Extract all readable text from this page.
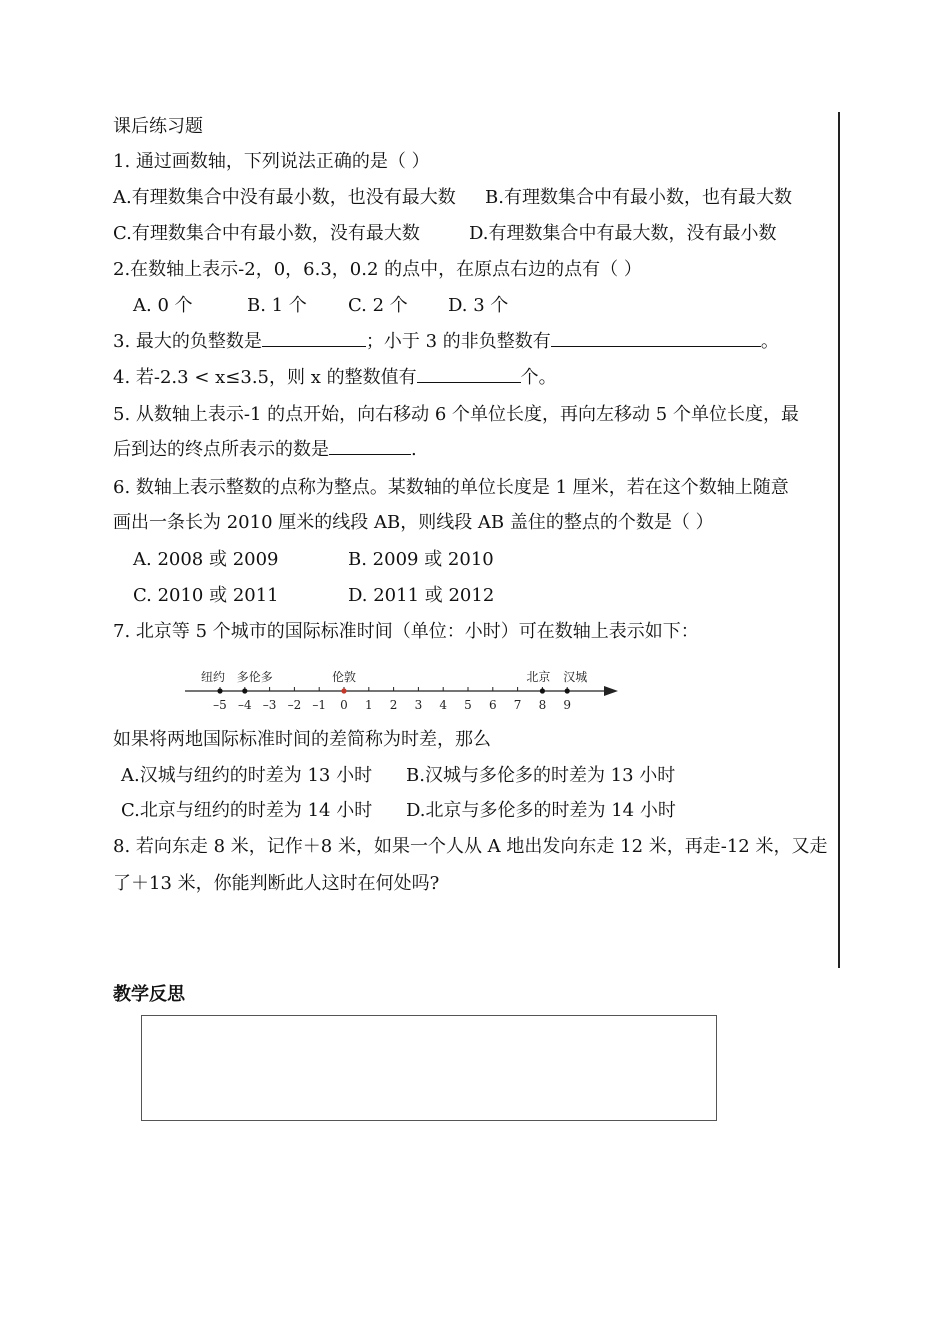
课后练习题
1. 通过画数轴，下列说法正确的是（ ）
A.有理数集合中没有最小数，也没有最大数 B.有理数集合中有最小数，也有最大数
C.有理数集合中有最小数，没有最大数	D.有理数集合中有最大数，没有最小数
2.在数轴上表示-2，0，6.3，0.2 的点中，在原点右边的点有（ ）
A. 0 个	B. 1 个 C. 2 个 D. 3 个
3. 最大的负整数是	；小于 3 的非负整数有	。
4. 若-2.3 < x≤3.5，则 x 的整数值有	个。
5. 从数轴上表示-1 的点开始，向右移动 6 个单位长度，再向左移动 5 个单位长度，最
后到达的终点所表示的数是	.
6. 数轴上表示整数的点称为整点。某数轴的单位长度是 1 厘米，若在这个数轴上随意
画出一条长为 2010 厘米的线段 AB，则线段 AB 盖住的整点的个数是（ ）
A. 2008 或 2009	B. 2009 或 2010
C. 2010 或 2011	D. 2011 或 2012
7. 北京等 5 个城市的国际标准时间（单位：小时）可在数轴上表示如下：
–5 –4 –3 –2 –1 0 1 2 3 4 5 6 7 8 9
纽约 多伦多	伦敦	北京 汉城
如果将两地国际标准时间的差简称为时差，那么
A.汉城与纽约的时差为 13 小时 B.汉城与多伦多的时差为 13 小时
C.北京与纽约的时差为 14 小时 D.北京与多伦多的时差为 14 小时
8. 若向东走 8 米，记作＋8 米，如果一个人从 A 地出发向东走 12 米，再走-12 米，又走
了＋13 米，你能判断此人这时在何处吗?
教学反思
